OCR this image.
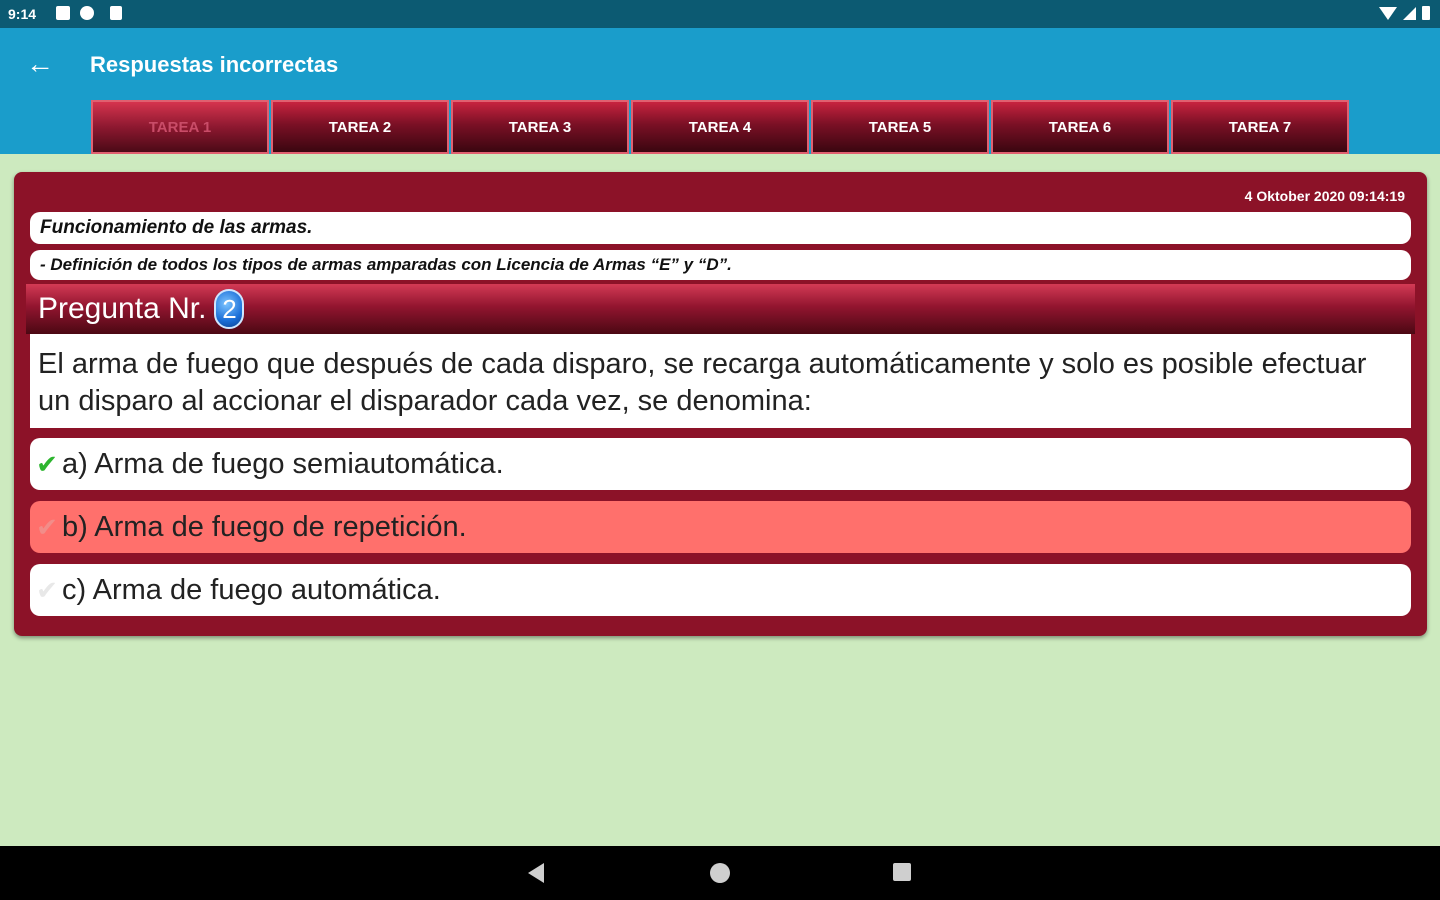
9:14
← Respuestas incorrectas
TAREA 1	TAREA 2	TAREA 3	TAREA 4	TAREA 5	TAREA 6	TAREA 7
4 Oktober 2020 09:14:19
Funcionamiento de las armas.
- Definición de todos los tipos de armas amparadas con Licencia de Armas “E” y “D”.
Pregunta Nr. 2
El arma de fuego que después de cada disparo, se recarga automáticamente y solo es posible efectuar un disparo al accionar el disparador cada vez, se denomina:
✔ a) Arma de fuego semiautomática.
✔ b) Arma de fuego de repetición.
✔ c) Arma de fuego automática.
